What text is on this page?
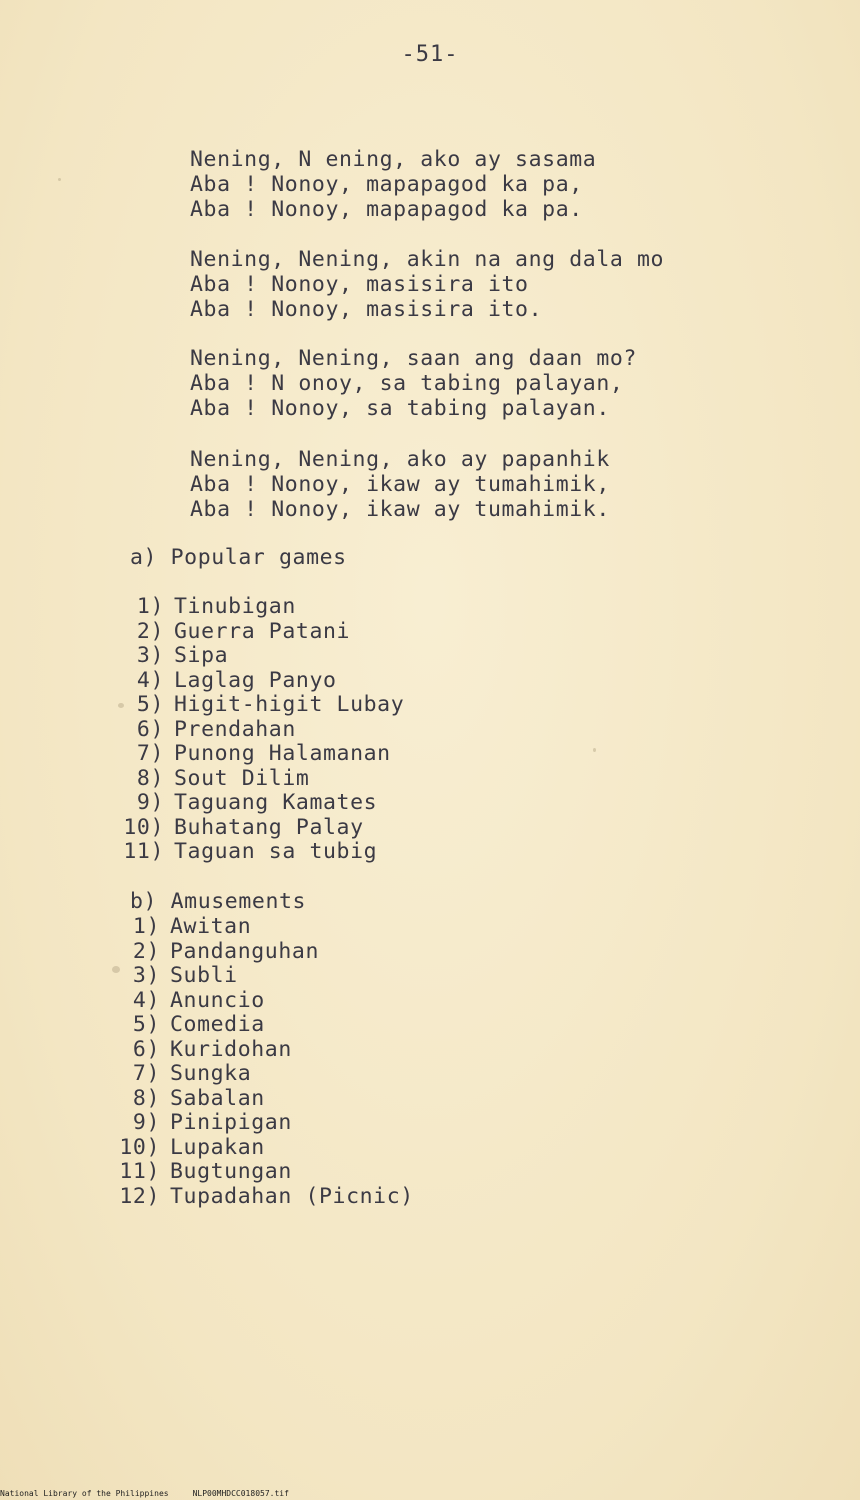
-51-
Nening, N ening, ako ay sasama
Aba ! Nonoy, mapapagod ka pa,
Aba ! Nonoy, mapapagod ka pa.
Nening, Nening, akin na ang dala mo
Aba ! Nonoy, masisira ito
Aba ! Nonoy, masisira ito.
Nening, Nening, saan ang daan mo?
Aba ! N onoy, sa tabing palayan,
Aba ! Nonoy, sa tabing palayan.
Nening, Nening, ako ay papanhik
Aba ! Nonoy, ikaw ay tumahimik,
Aba ! Nonoy, ikaw ay tumahimik.
a) Popular games
1) Tinubigan
2) Guerra Patani
3) Sipa
4) Laglag Panyo
5) Higit-higit Lubay
6) Prendahan
7) Punong Halamanan
8) Sout Dilim
9) Taguang Kamates
10) Buhatang Palay
11) Taguan sa tubig
b) Amusements
1) Awitan
2) Pandanguhan
3) Subli
4) Anuncio
5) Comedia
6) Kuridohan
7) Sungka
8) Sabalan
9) Pinipigan
10) Lupakan
11) Bugtungan
12) Tupadahan (Picnic)
National Library of the Philippines	NLP00MHDCC018057.tif
